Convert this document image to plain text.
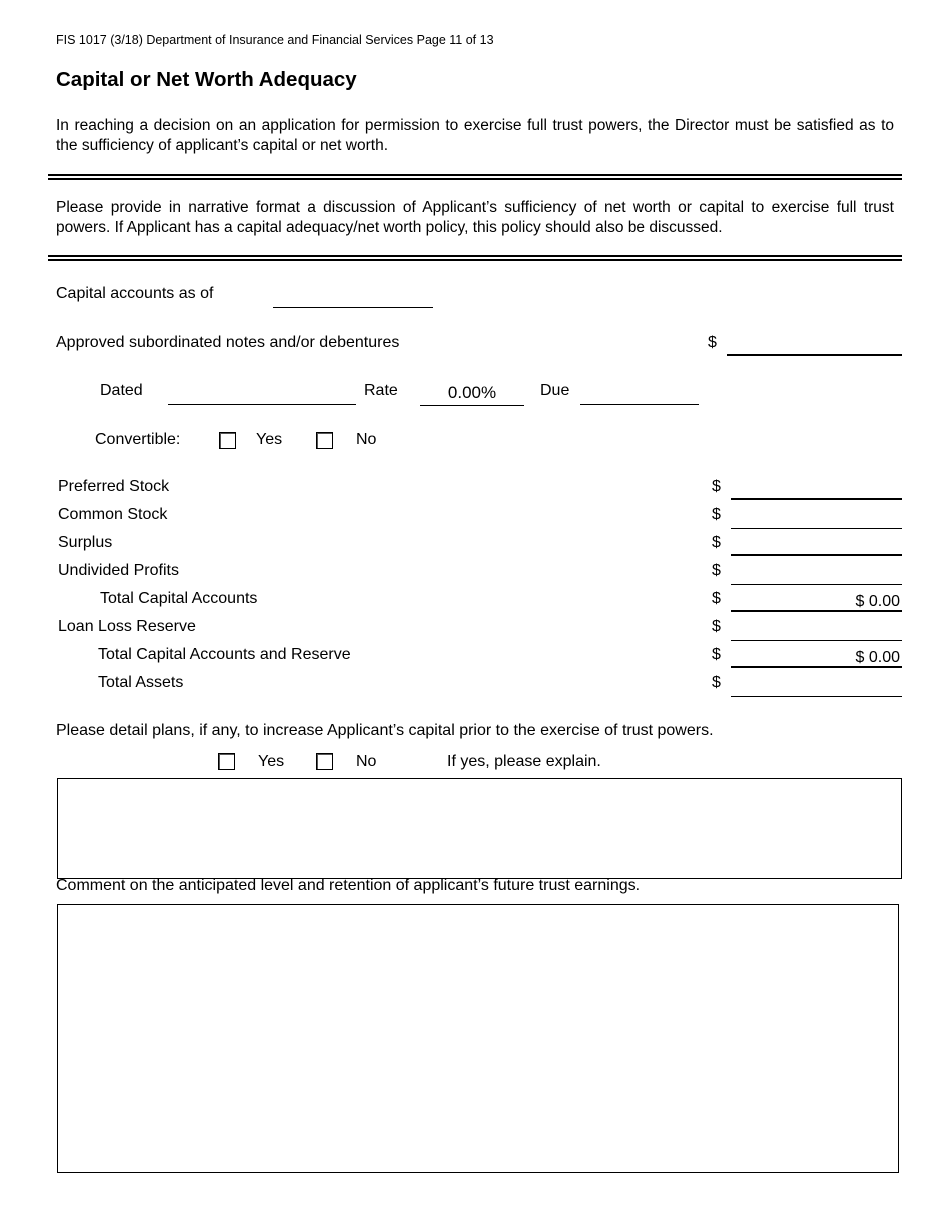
FIS 1017 (3/18) Department of Insurance and Financial Services Page 11 of 13
Capital or Net Worth Adequacy
In reaching a decision on an application for permission to exercise full trust powers, the Director must be satisfied as to the sufficiency of applicant’s capital or net worth.
Please provide in narrative format a discussion of Applicant’s sufficiency of net worth or capital to exercise full trust powers. If Applicant has a capital adequacy/net worth policy, this policy should also be discussed.
Capital accounts as of
Approved subordinated notes and/or debentures	$
Dated	Rate	0.00%	Due
Convertible:	Yes	No
Preferred Stock	$
Common Stock	$
Surplus	$
Undivided Profits	$
Total Capital Accounts	$	$ 0.00
Loan Loss Reserve	$
Total Capital Accounts and Reserve	$	$ 0.00
Total Assets	$
Please detail plans, if any, to increase Applicant’s capital prior to the exercise of trust powers.
Yes	No	If yes, please explain.
Comment on the anticipated level and retention of applicant’s future trust earnings.
